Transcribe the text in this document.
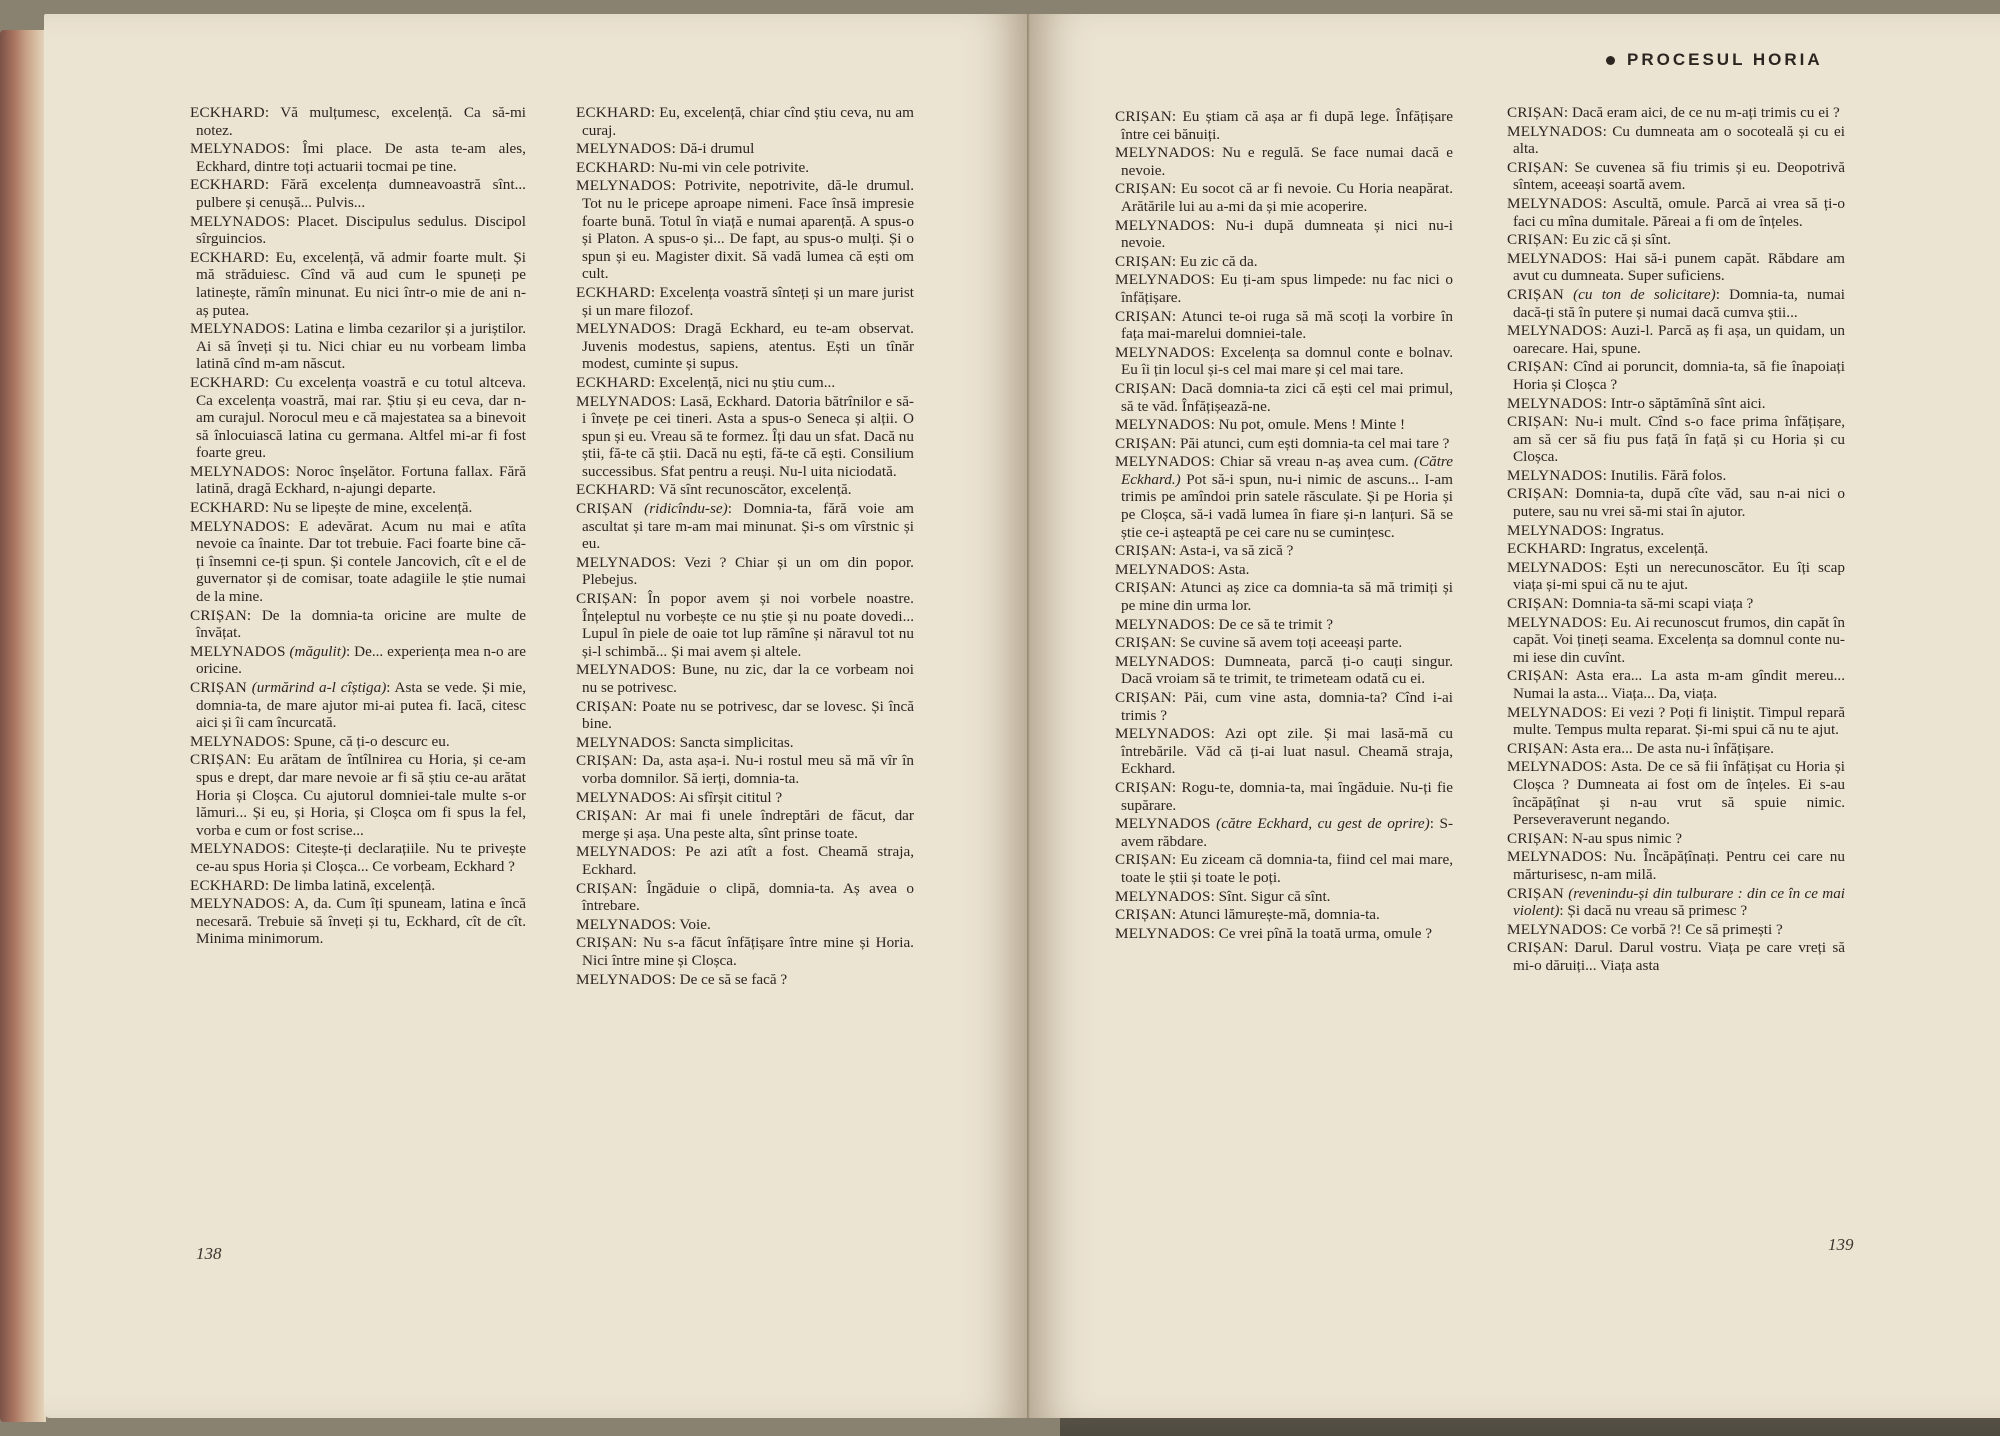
PROCESUL HORIA

ECKHARD: Vă mulțumesc, excelență. Ca să-mi notez.

MELYNADOS: Îmi place. De asta te-am ales, Eckhard, dintre toți actuarii tocmai pe tine.

ECKHARD: Fără excelența dumneavoastră sînt... pulbere și cenușă... Pulvis...

MELYNADOS: Placet. Discipulus sedulus. Discipol sîrguincios.

ECKHARD: Eu, excelență, vă admir foarte mult. Și mă străduiesc. Cînd vă aud cum le spuneți pe latinește, rămîn minunat. Eu nici într-o mie de ani n-aș putea.

MELYNADOS: Latina e limba cezarilor și a juriștilor. Ai să înveți și tu. Nici chiar eu nu vorbeam limba latină cînd m-am născut.

ECKHARD: Cu excelența voastră e cu totul altceva. Ca excelența voastră, mai rar. Știu și eu ceva, dar n-am curajul. Norocul meu e că majestatea sa a binevoit să înlocuiască latina cu germana. Altfel mi-ar fi fost foarte greu.

MELYNADOS: Noroc înșelător. Fortuna fallax. Fără latină, dragă Eckhard, n-ajungi departe.

ECKHARD: Nu se lipește de mine, excelență.

MELYNADOS: E adevărat. Acum nu mai e atîta nevoie ca înainte. Dar tot trebuie. Faci foarte bine că-ți însemni ce-ți spun. Și contele Jancovich, cît e el de guvernator și de comisar, toate adagiile le știe numai de la mine.

CRIȘAN: De la domnia-ta oricine are multe de învățat.

MELYNADOS (măgulit): De... experiența mea n-o are oricine.

CRIȘAN (urmărind a-l cîștiga): Asta se vede. Și mie, domnia-ta, de mare ajutor mi-ai putea fi. Iacă, citesc aici și îi cam încurcată.

MELYNADOS: Spune, că ți-o descurc eu.

CRIȘAN: Eu arătam de întîlnirea cu Horia, și ce-am spus e drept, dar mare nevoie ar fi să știu ce-au arătat Horia și Cloșca. Cu ajutorul domniei-tale multe s-or lămuri... Și eu, și Horia, și Cloșca om fi spus la fel, vorba e cum or fost scrise...

MELYNADOS: Citește-ți declarațiile. Nu te privește ce-au spus Horia și Cloșca... Ce vorbeam, Eckhard ?

ECKHARD: De limba latină, excelență.

MELYNADOS: A, da. Cum îți spuneam, latina e încă necesară. Trebuie să înveți și tu, Eckhard, cît de cît. Minima minimorum.

ECKHARD: Eu, excelență, chiar cînd știu ceva, nu am curaj.

MELYNADOS: Dă-i drumul

ECKHARD: Nu-mi vin cele potrivite.

MELYNADOS: Potrivite, nepotrivite, dă-le drumul. Tot nu le pricepe aproape nimeni. Face însă impresie foarte bună. Totul în viață e numai aparență. A spus-o și Platon. A spus-o și... De fapt, au spus-o mulți. Și o spun și eu. Magister dixit. Să vadă lumea că ești om cult.

ECKHARD: Excelența voastră sînteți și un mare jurist și un mare filozof.

MELYNADOS: Dragă Eckhard, eu te-am observat. Juvenis modestus, sapiens, atentus. Ești un tînăr modest, cuminte și supus.

ECKHARD: Excelență, nici nu știu cum...

MELYNADOS: Lasă, Eckhard. Datoria bătrînilor e să-i învețe pe cei tineri. Asta a spus-o Seneca și alții. O spun și eu. Vreau să te formez. Îți dau un sfat. Dacă nu știi, fă-te că știi. Dacă nu ești, fă-te că ești. Consilium successibus. Sfat pentru a reuși. Nu-l uita niciodată.

ECKHARD: Vă sînt recunoscător, excelență.

CRIȘAN (ridicîndu-se): Domnia-ta, fără voie am ascultat și tare m-am mai minunat. Și-s om vîrstnic și eu.

MELYNADOS: Vezi ? Chiar și un om din popor. Plebejus.

CRIȘAN: În popor avem și noi vorbele noastre. Înțeleptul nu vorbește ce nu știe și nu poate dovedi... Lupul în piele de oaie tot lup rămîne și năravul tot nu și-l schimbă... Și mai avem și altele.

MELYNADOS: Bune, nu zic, dar la ce vorbeam noi nu se potrivesc.

CRIȘAN: Poate nu se potrivesc, dar se lovesc. Și încă bine.

MELYNADOS: Sancta simplicitas.

CRIȘAN: Da, asta așa-i. Nu-i rostul meu să mă vîr în vorba domnilor. Să ierți, domnia-ta.

MELYNADOS: Ai sfîrșit cititul ?

CRIȘAN: Ar mai fi unele îndreptări de făcut, dar merge și așa. Una peste alta, sînt prinse toate.

MELYNADOS: Pe azi atît a fost. Cheamă straja, Eckhard.

CRIȘAN: Îngăduie o clipă, domnia-ta. Aș avea o întrebare.

MELYNADOS: Voie.

CRIȘAN: Nu s-a făcut înfățișare între mine și Horia. Nici între mine și Cloșca.

MELYNADOS: De ce să se facă ?

CRIȘAN: Eu știam că așa ar fi după lege. Înfățișare între cei bănuiți.

MELYNADOS: Nu e regulă. Se face numai dacă e nevoie.

CRIȘAN: Eu socot că ar fi nevoie. Cu Horia neapărat. Arătările lui au a-mi da și mie acoperire.

MELYNADOS: Nu-i după dumneata și nici nu-i nevoie.

CRIȘAN: Eu zic că da.

MELYNADOS: Eu ți-am spus limpede: nu fac nici o înfățișare.

CRIȘAN: Atunci te-oi ruga să mă scoți la vorbire în fața mai-marelui domniei-tale.

MELYNADOS: Excelența sa domnul conte e bolnav. Eu îi țin locul și-s cel mai mare și cel mai tare.

CRIȘAN: Dacă domnia-ta zici că ești cel mai primul, să te văd. Înfățișează-ne.

MELYNADOS: Nu pot, omule. Mens ! Minte !

CRIȘAN: Păi atunci, cum ești domnia-ta cel mai tare ?

MELYNADOS: Chiar să vreau n-aș avea cum. (Către Eckhard.) Pot să-i spun, nu-i nimic de ascuns... I-am trimis pe amîndoi prin satele răsculate. Și pe Horia și pe Cloșca, să-i vadă lumea în fiare și-n lanțuri. Să se știe ce-i așteaptă pe cei care nu se cumințesc.

CRIȘAN: Asta-i, va să zică ?

MELYNADOS: Asta.

CRIȘAN: Atunci aș zice ca domnia-ta să mă trimiți și pe mine din urma lor.

MELYNADOS: De ce să te trimit ?

CRIȘAN: Se cuvine să avem toți aceeași parte.

MELYNADOS: Dumneata, parcă ți-o cauți singur. Dacă vroiam să te trimit, te trimeteam odată cu ei.

CRIȘAN: Păi, cum vine asta, domnia-ta? Cînd i-ai trimis ?

MELYNADOS: Azi opt zile. Și mai lasă-mă cu întrebările. Văd că ți-ai luat nasul. Cheamă straja, Eckhard.

CRIȘAN: Rogu-te, domnia-ta, mai îngăduie. Nu-ți fie supărare.

MELYNADOS (către Eckhard, cu gest de oprire): S-avem răbdare.

CRIȘAN: Eu ziceam că domnia-ta, fiind cel mai mare, toate le știi și toate le poți.

MELYNADOS: Sînt. Sigur că sînt.

CRIȘAN: Atunci lămurește-mă, domnia-ta.

MELYNADOS: Ce vrei pînă la toată urma, omule ?

CRIȘAN: Dacă eram aici, de ce nu m-ați trimis cu ei ?

MELYNADOS: Cu dumneata am o socoteală și cu ei alta.

CRIȘAN: Se cuvenea să fiu trimis și eu. Deopotrivă sîntem, aceeași soartă avem.

MELYNADOS: Ascultă, omule. Parcă ai vrea să ți-o faci cu mîna dumitale. Păreai a fi om de înțeles.

CRIȘAN: Eu zic că și sînt.

MELYNADOS: Hai să-i punem capăt. Răbdare am avut cu dumneata. Super suficiens.

CRIȘAN (cu ton de solicitare): Domnia-ta, numai dacă-ți stă în putere și numai dacă cumva știi...

MELYNADOS: Auzi-l. Parcă aș fi așa, un quidam, un oarecare. Hai, spune.

CRIȘAN: Cînd ai poruncit, domnia-ta, să fie înapoiați Horia și Cloșca ?

MELYNADOS: Intr-o săptămînă sînt aici.

CRIȘAN: Nu-i mult. Cînd s-o face prima înfățișare, am să cer să fiu pus față în față și cu Horia și cu Cloșca.

MELYNADOS: Inutilis. Fără folos.

CRIȘAN: Domnia-ta, după cîte văd, sau n-ai nici o putere, sau nu vrei să-mi stai în ajutor.

MELYNADOS: Ingratus.

ECKHARD: Ingratus, excelență.

MELYNADOS: Ești un nerecunoscător. Eu îți scap viața și-mi spui că nu te ajut.

CRIȘAN: Domnia-ta să-mi scapi viața ?

MELYNADOS: Eu. Ai recunoscut frumos, din capăt în capăt. Voi țineți seama. Excelența sa domnul conte nu-mi iese din cuvînt.

CRIȘAN: Asta era... La asta m-am gîndit mereu... Numai la asta... Viața... Da, viața.

MELYNADOS: Ei vezi ? Poți fi liniștit. Timpul repară multe. Tempus multa reparat. Și-mi spui că nu te ajut.

CRIȘAN: Asta era... De asta nu-i înfățișare.

MELYNADOS: Asta. De ce să fii înfățișat cu Horia și Cloșca ? Dumneata ai fost om de înțeles. Ei s-au încăpățînat și n-au vrut să spuie nimic. Perseveraverunt negando.

CRIȘAN: N-au spus nimic ?

MELYNADOS: Nu. Încăpățînați. Pentru cei care nu mărturisesc, n-am milă.

CRIȘAN (revenindu-și din tulburare : din ce în ce mai violent): Și dacă nu vreau să primesc ?

MELYNADOS: Ce vorbă ?! Ce să primești ?

CRIȘAN: Darul. Darul vostru. Viața pe care vreți să mi-o dăruiți... Viața asta

138	139
